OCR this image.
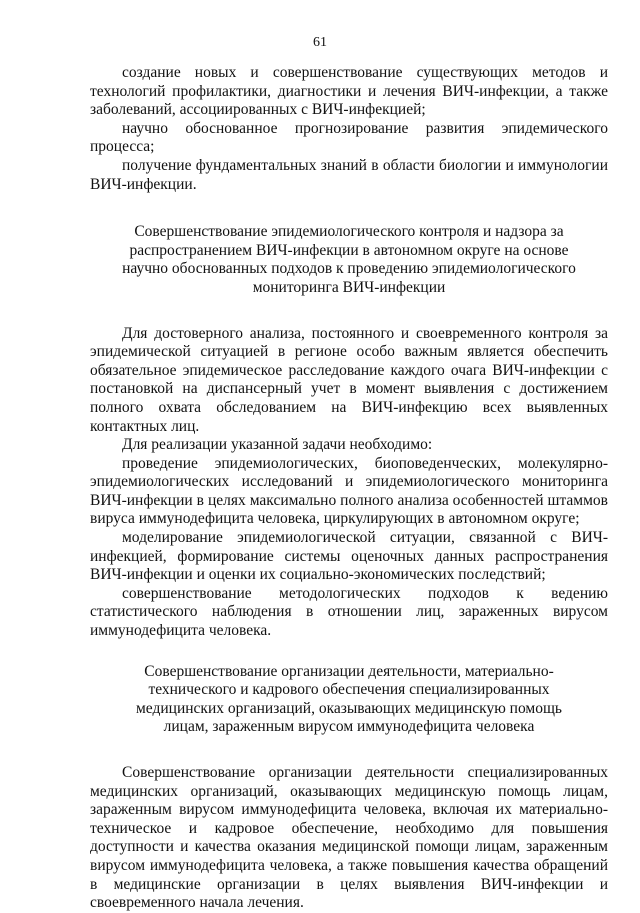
61

создание новых и совершенствование существующих методов и технологий профилактики, диагностики и лечения ВИЧ-инфекции, а также заболеваний, ассоциированных с ВИЧ-инфекцией;

научно обоснованное прогнозирование развития эпидемического процесса;

получение фундаментальных знаний в области биологии и иммунологии ВИЧ-инфекции.

Совершенствование эпидемиологического контроля и надзора за распространением ВИЧ-инфекции в автономном округе на основе научно обоснованных подходов к проведению эпидемиологического мониторинга ВИЧ-инфекции

Для достоверного анализа, постоянного и своевременного контроля за эпидемической ситуацией в регионе особо важным является обеспечить обязательное эпидемическое расследование каждого очага ВИЧ-инфекции с постановкой на диспансерный учет в момент выявления с достижением полного охвата обследованием на ВИЧ-инфекцию всех выявленных контактных лиц.

Для реализации указанной задачи необходимо:

проведение эпидемиологических, биоповеденческих, молекулярно-эпидемиологических исследований и эпидемиологического мониторинга ВИЧ-инфекции в целях максимально полного анализа особенностей штаммов вируса иммунодефицита человека, циркулирующих в автономном округе;

моделирование эпидемиологической ситуации, связанной с ВИЧ-инфекцией, формирование системы оценочных данных распространения ВИЧ-инфекции и оценки их социально-экономических последствий;

совершенствование методологических подходов к ведению статистического наблюдения в отношении лиц, зараженных вирусом иммунодефицита человека.

Совершенствование организации деятельности, материально-технического и кадрового обеспечения специализированных медицинских организаций, оказывающих медицинскую помощь лицам, зараженным вирусом иммунодефицита человека

Совершенствование организации деятельности специализированных медицинских организаций, оказывающих медицинскую помощь лицам, зараженным вирусом иммунодефицита человека, включая их материально-техническое и кадровое обеспечение, необходимо для повышения доступности и качества оказания медицинской помощи лицам, зараженным вирусом иммунодефицита человека, а также повышения качества обращений в медицинские организации в целях выявления ВИЧ-инфекции и своевременного начала лечения.
